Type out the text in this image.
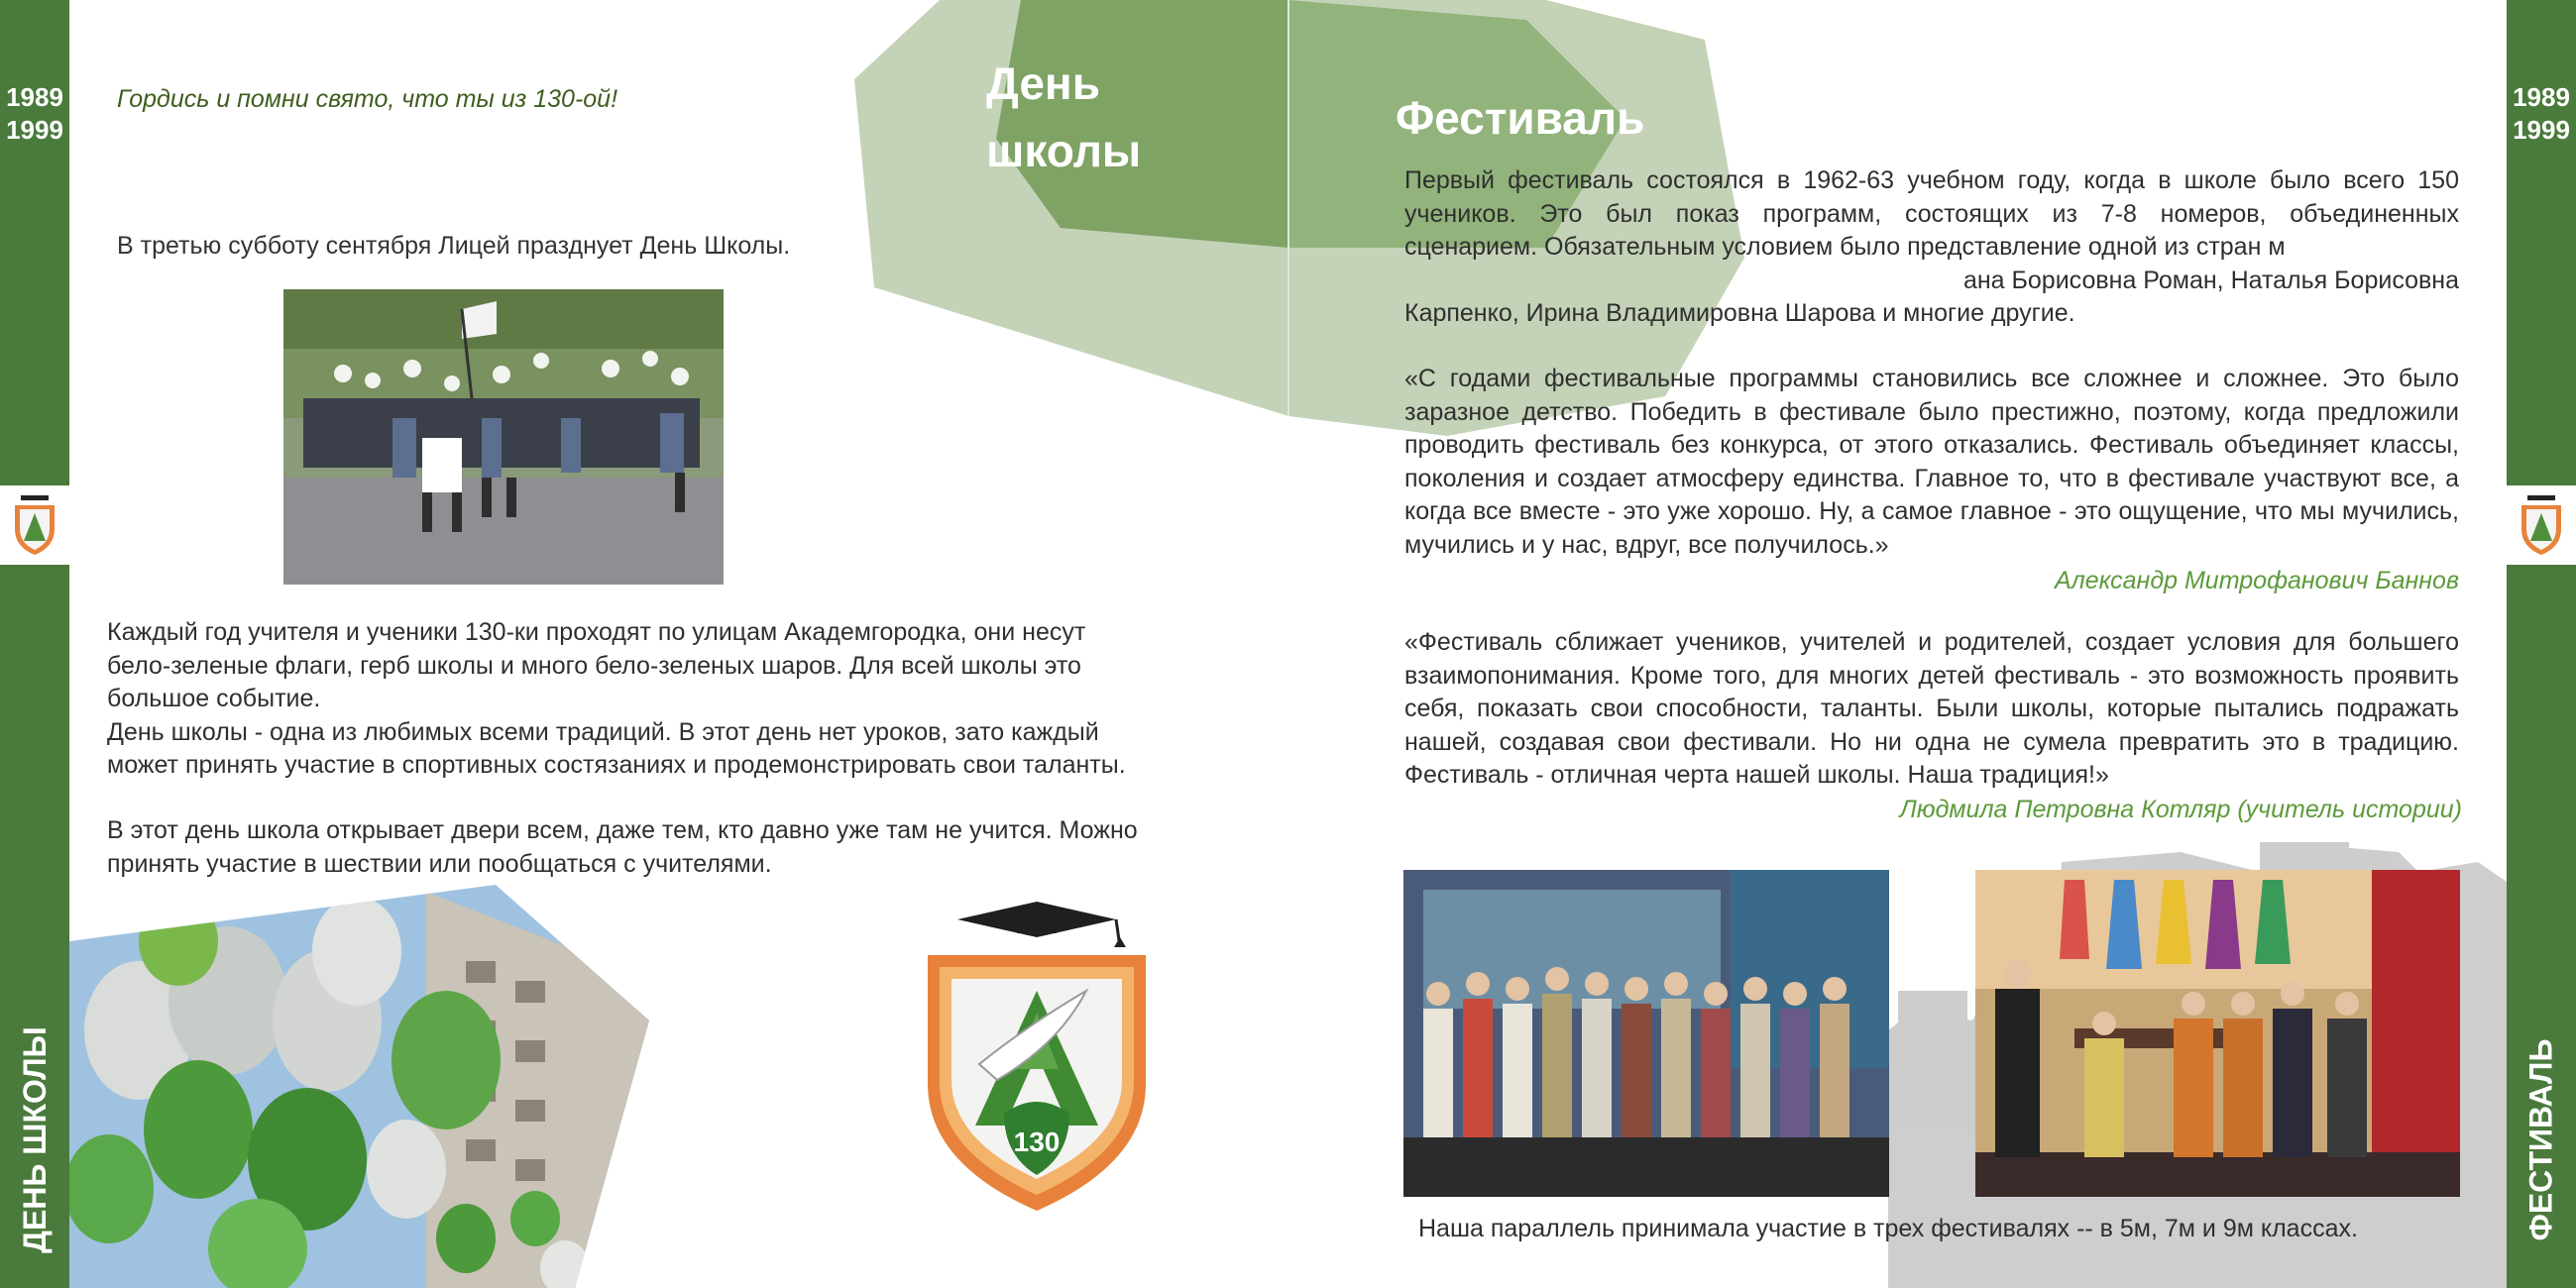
1989
1999
ДЕНЬ ШКОЛЫ
1989
1999
ФЕСТИВАЛЬ
День
школы
Фестиваль
Гордись и помни свято, что ты из 130-ой!
В третью субботу сентября Лицей празднует День Школы.
Каждый год учителя и ученики 130-ки проходят по улицам Академгородка, они несут
бело-зеленые флаги, герб школы и много бело-зеленых шаров. Для всей школы это
большое событие.
День школы - одна из любимых всеми традиций. В этот день нет уроков, зато каждый
может принять участие в спортивных состязаниях и продемонстрировать свои таланты.
В этот день школа открывает двери всем, даже тем, кто давно уже там не учится. Можно
принять участие в шествии или пообщаться с учителями.
130
Первый фестиваль состоялся в 1962-63 учебном году, когда в школе было всего 150
учеников. Это был показ программ, состоящих из 7-8 номеров, объединенных
сценарием. Обязательным условием было представление одной из стран м
ана Борисовна Роман, Наталья Борисовна
Карпенко, Ирина Владимировна Шарова и многие другие.
«С годами фестивальные программы становились все сложнее и сложнее. Это было заразное детство. Победить в фестивале было престижно, поэтому, когда предложили проводить фестиваль без конкурса, от этого отказались. Фестиваль объединяет классы, поколения и создает атмосферу единства. Главное то, что в фестивале участвуют все, а когда все вместе - это уже хорошо. Ну, а самое главное - это ощущение, что мы мучились, мучились и у нас, вдруг, все получилось.»
Александр Митрофанович Баннов
«Фестиваль сближает учеников, учителей и родителей, создает условия для большего взаимопонимания. Кроме того, для многих детей фестиваль - это возможность проявить себя, показать свои способности, таланты. Были школы, которые пытались подражать нашей, создавая свои фестивали. Но ни одна не сумела превратить это в традицию. Фестиваль - отличная черта нашей школы. Наша традиция!»
Людмила Петровна Котляр (учитель истории)
Наша параллель принимала участие в трех фестивалях -- в 5м, 7м и 9м классах.
